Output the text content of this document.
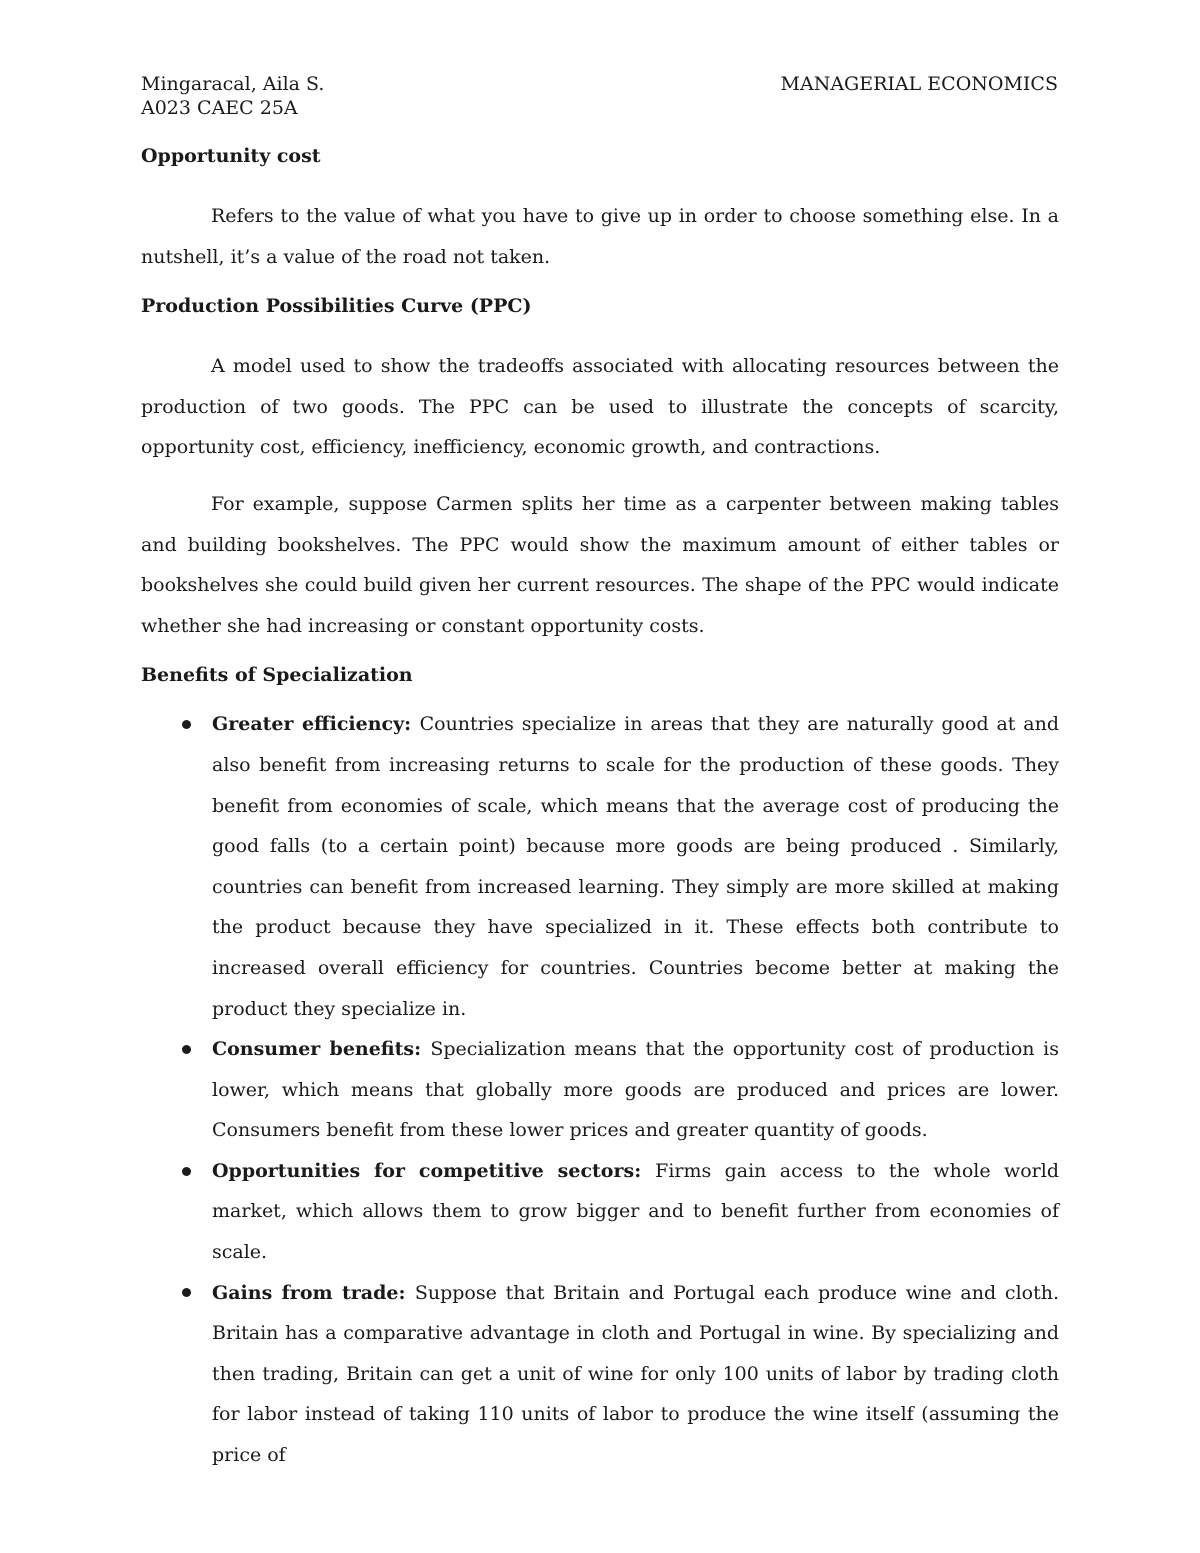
Mingaracal, Aila S.
A023 CAEC 25A
MANAGERIAL ECONOMICS

Opportunity cost

Refers to the value of what you have to give up in order to choose something else. In a nutshell, it’s a value of the road not taken.

Production Possibilities Curve (PPC)

A model used to show the tradeoffs associated with allocating resources between the production of two goods. The PPC can be used to illustrate the concepts of scarcity, opportunity cost, efficiency, inefficiency, economic growth, and contractions.

For example, suppose Carmen splits her time as a carpenter between making tables and building bookshelves. The PPC would show the maximum amount of either tables or bookshelves she could build given her current resources. The shape of the PPC would indicate whether she had increasing or constant opportunity costs.

Benefits of Specialization

Greater efficiency: Countries specialize in areas that they are naturally good at and also benefit from increasing returns to scale for the production of these goods. They benefit from economies of scale, which means that the average cost of producing the good falls (to a certain point) because more goods are being produced . Similarly, countries can benefit from increased learning. They simply are more skilled at making the product because they have specialized in it. These effects both contribute to increased overall efficiency for countries. Countries become better at making the product they specialize in.
Consumer benefits: Specialization means that the opportunity cost of production is lower, which means that globally more goods are produced and prices are lower. Consumers benefit from these lower prices and greater quantity of goods.
Opportunities for competitive sectors: Firms gain access to the whole world market, which allows them to grow bigger and to benefit further from economies of scale.
Gains from trade: Suppose that Britain and Portugal each produce wine and cloth. Britain has a comparative advantage in cloth and Portugal in wine. By specializing and then trading, Britain can get a unit of wine for only 100 units of labor by trading cloth for labor instead of taking 110 units of labor to produce the wine itself (assuming the price of
